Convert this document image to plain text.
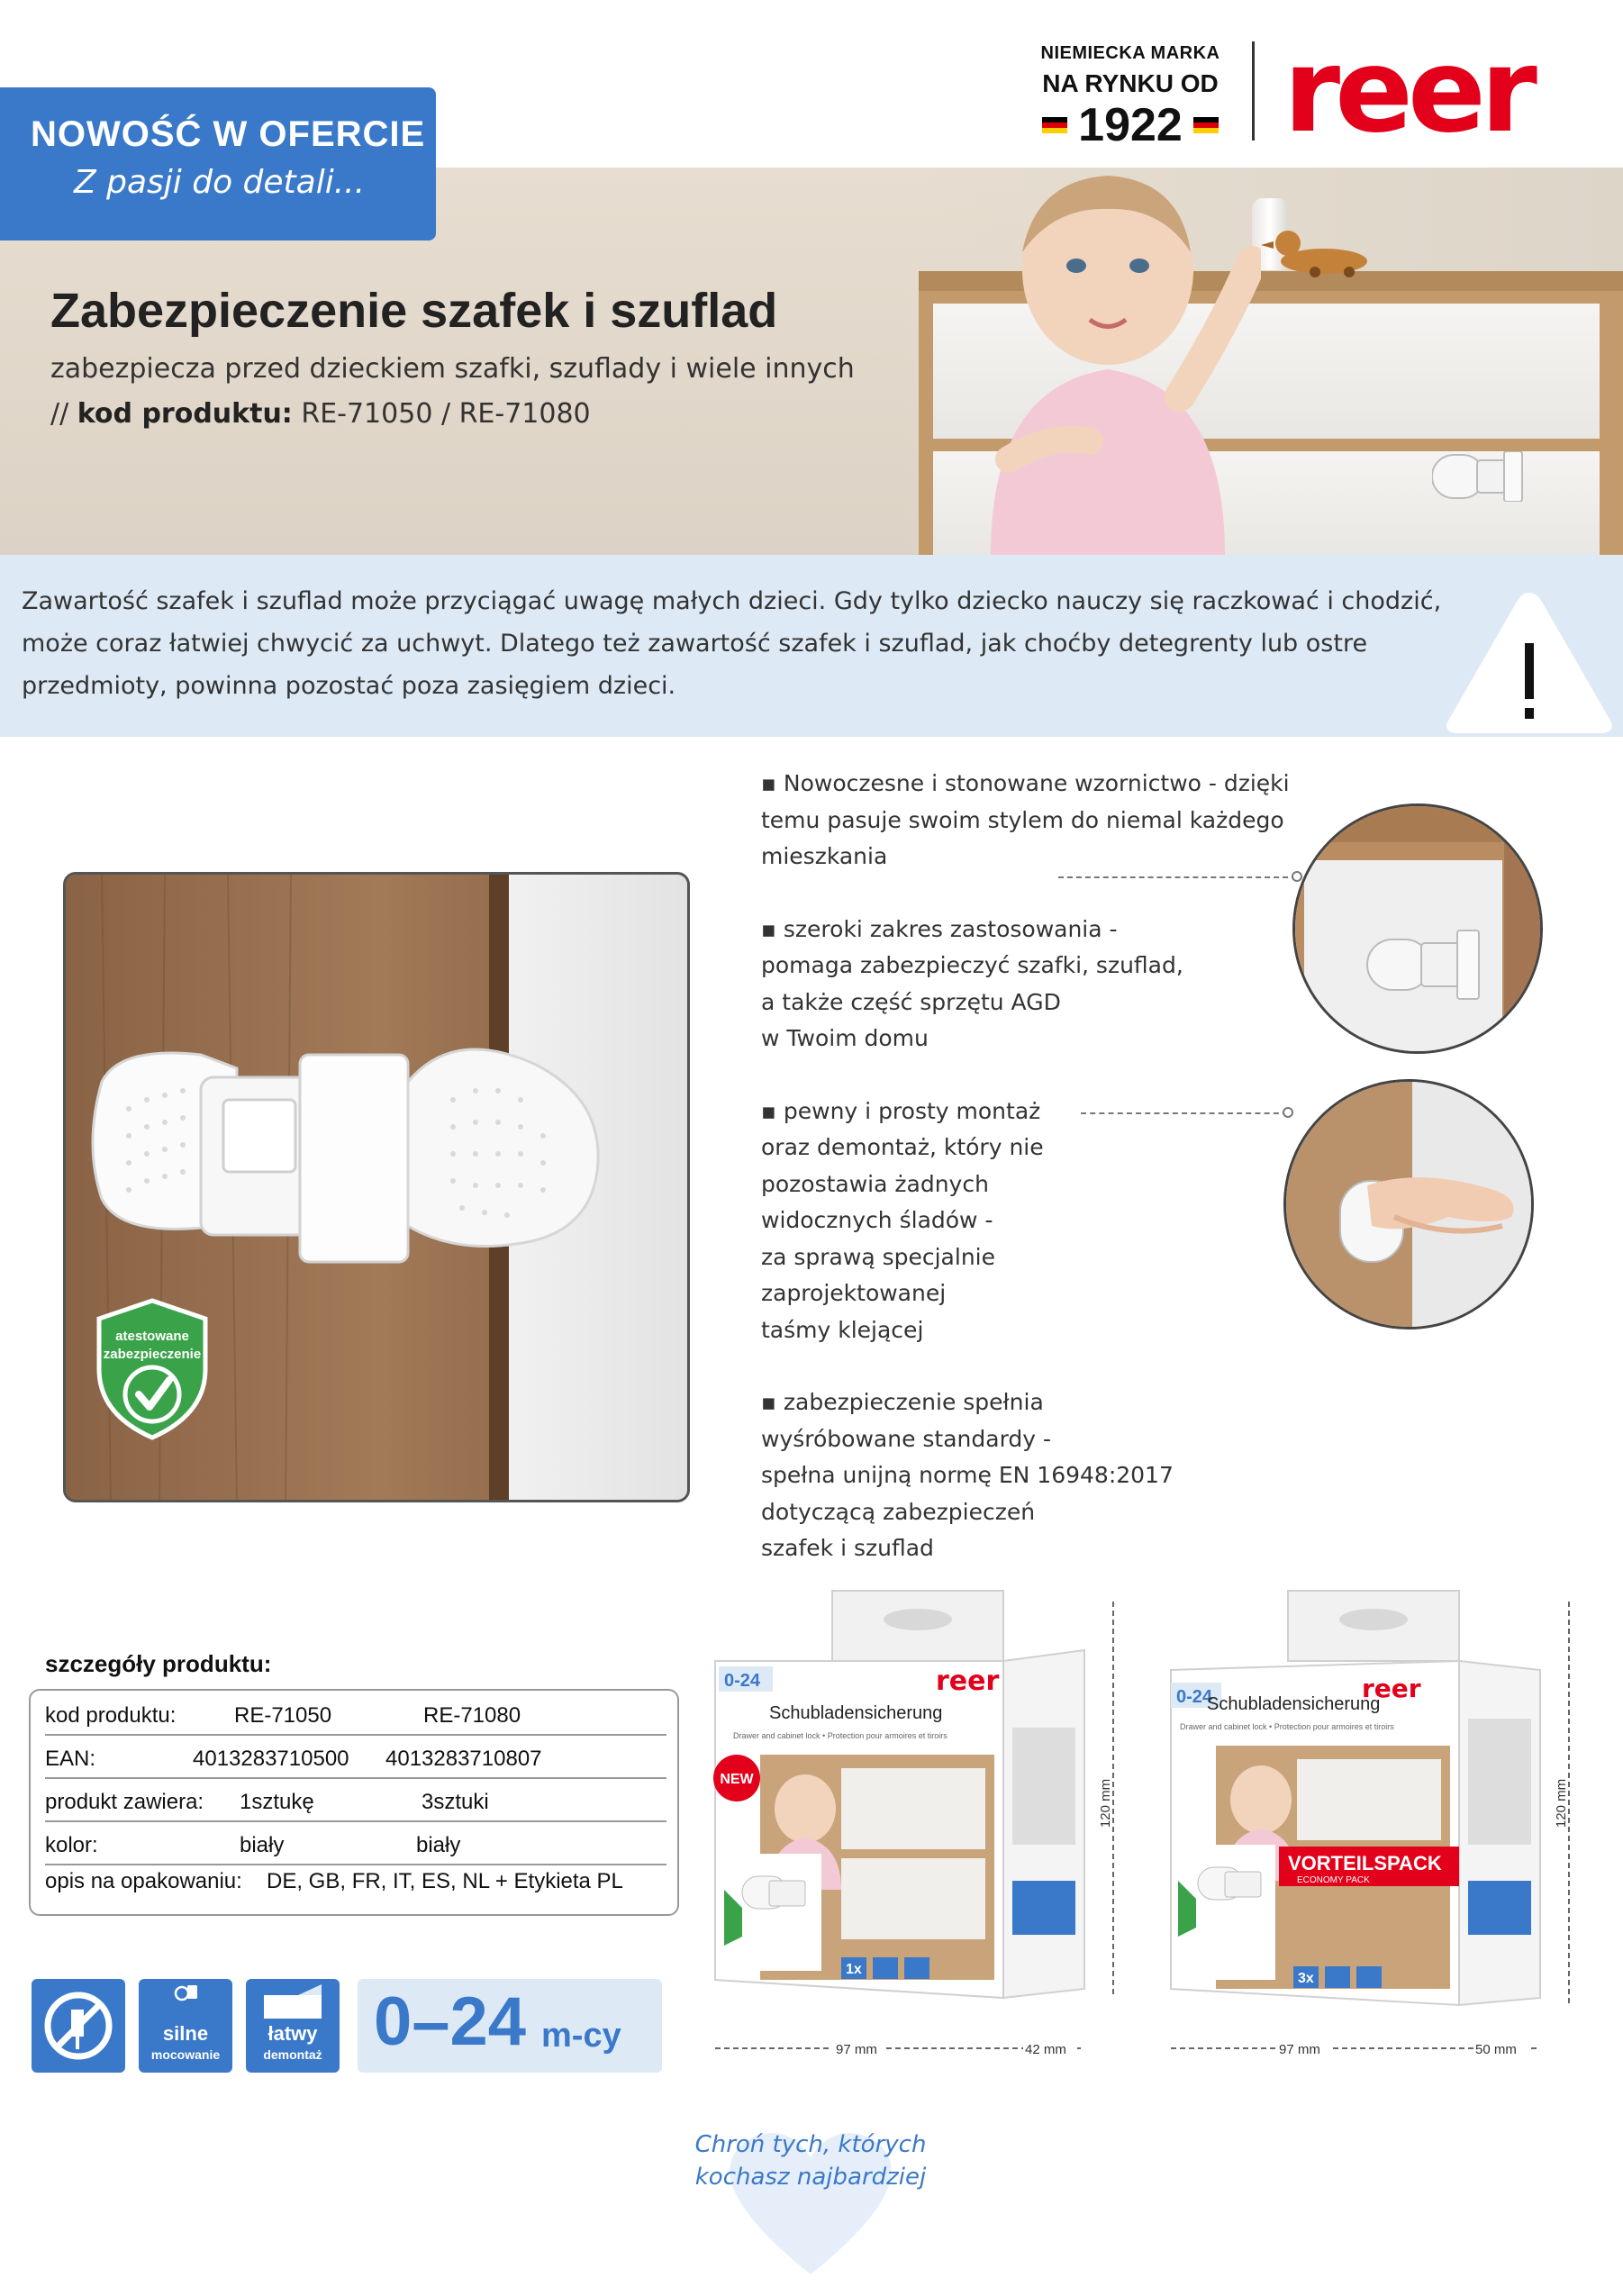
NIEMIECKA MARKA
NA RYNKU OD
1922 reer
NOWOŚĆ W OFERCIE
Z pasji do detali...
Zabezpieczenie szafek i szuflad
zabezpiecza przed dzieckiem szafki, szuflady i wiele innych
// kod produktu: RE-71050 / RE-71080
Zawartość szafek i szuflad może przyciągać uwagę małych dzieci. Gdy tylko dziecko nauczy się raczkować i chodzić, może coraz łatwiej chwycić za uchwyt. Dlatego też zawartość szafek i szuflad, jak choćby detegrenty lub ostre przedmioty, powinna pozostać poza zasięgiem dzieci.
atestowane
zabezpieczenie
▪ Nowoczesne i stonowane wzornictwo - dzięki
temu pasuje swoim stylem do niemal każdego
mieszkania
▪ szeroki zakres zastosowania -
pomaga zabezpieczyć szafki, szuflad,
a także część sprzętu AGD
w Twoim domu
▪ pewny i prosty montaż
oraz demontaż, który nie
pozostawia żadnych
widocznych śladów -
za sprawą specjalnie
zaprojektowanej
taśmy klejącej
▪ zabezpieczenie spełnia
wyśróbowane standardy -
spełna unijną normę EN 16948:2017
dotyczącą zabezpieczeń
szafek i szuflad
szczegóły produktu:
kod produktu:	RE-71050	RE-71080
EAN:	4013283710500 4013283710807
produkt zawiera: 1sztukę	3sztuki
kolor:	biały	biały
opis na opakowaniu: DE, GB, FR, IT, ES, NL + Etykieta PL
silne
mocowanie
łatwy
demontaż 0–24 m-cy
0-24	reer
Schubladensicherung
Drawer and cabinet lock • Protection pour armoires et tiroirs
NEW
1x
120 mm
97 mm	42 mm
0-24	reer
Schubladensicherung
Drawer and cabinet lock • Protection pour armoires et tiroirs
VORTEILSPACK
ECONOMY PACK
3x
120 mm
97 mm	50 mm
Chroń tych, których
kochasz najbardziej
